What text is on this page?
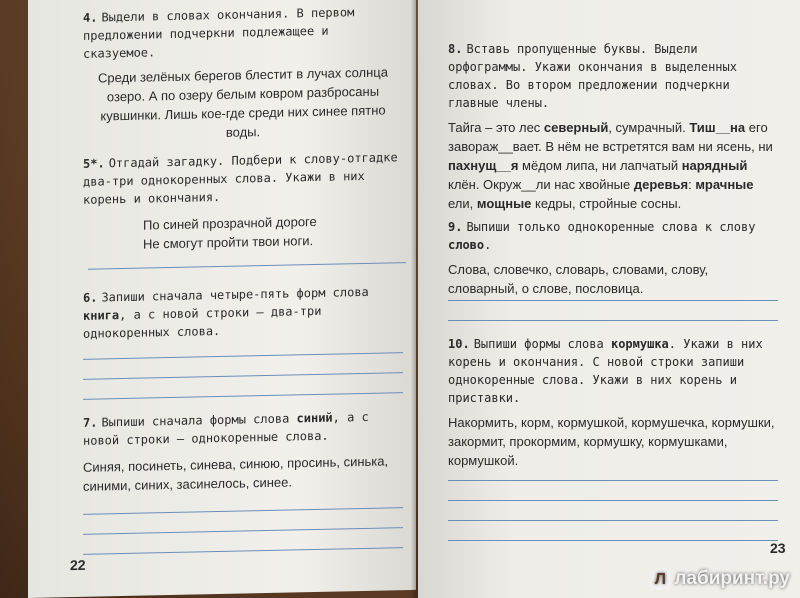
4. Выдели в словах окончания. В первом предложении подчеркни подлежащее и сказуемое.
Среди зелёных берегов блестит в лучах солнца озеро. А по озеру белым ковром разбросаны кувшинки. Лишь кое-где среди них синее пятно воды.
5*. Отгадай загадку. Подбери к слову-отгадке два-три однокоренных слова. Укажи в них корень и окончания.
По синей прозрачной дороге
Не смогут пройти твои ноги.
6. Запиши сначала четыре-пять форм слова книга, а с новой строки – два-три однокоренных слова.
7. Выпиши сначала формы слова синий, а с новой строки – однокоренные слова.
Синяя, посинеть, синева, синюю, просинь, синька, синими, синих, засинелось, синее.
22
8. Вставь пропущенные буквы. Выдели орфограммы. Укажи окончания в выделенных словах. Во втором предложении подчеркни главные члены.
Тайга – это лес северный, сумрачный. Тиш__на его заворaж__вает. В нём не встретятся вам ни ясень, ни пахнущ__я мёдом липа, ни лапчатый нарядный клён. Окруж__ли нас хвойные деревья: мрачные ели, мощные кедры, стройные сосны.
9. Выпиши только однокоренные слова к слову слово.
Слова, словечко, словарь, словами, слову, словарный, о слове, пословица.
10. Выпиши формы слова кормушка. Укажи в них корень и окончания. С новой строки запиши однокоренные слова. Укажи в них корень и приставки.
Накормить, корм, кормушкой, кормушечка, кормушки, закормит, прокормим, кормушку, кормушками, кормушкой.
23
Л лабиринт.ру
